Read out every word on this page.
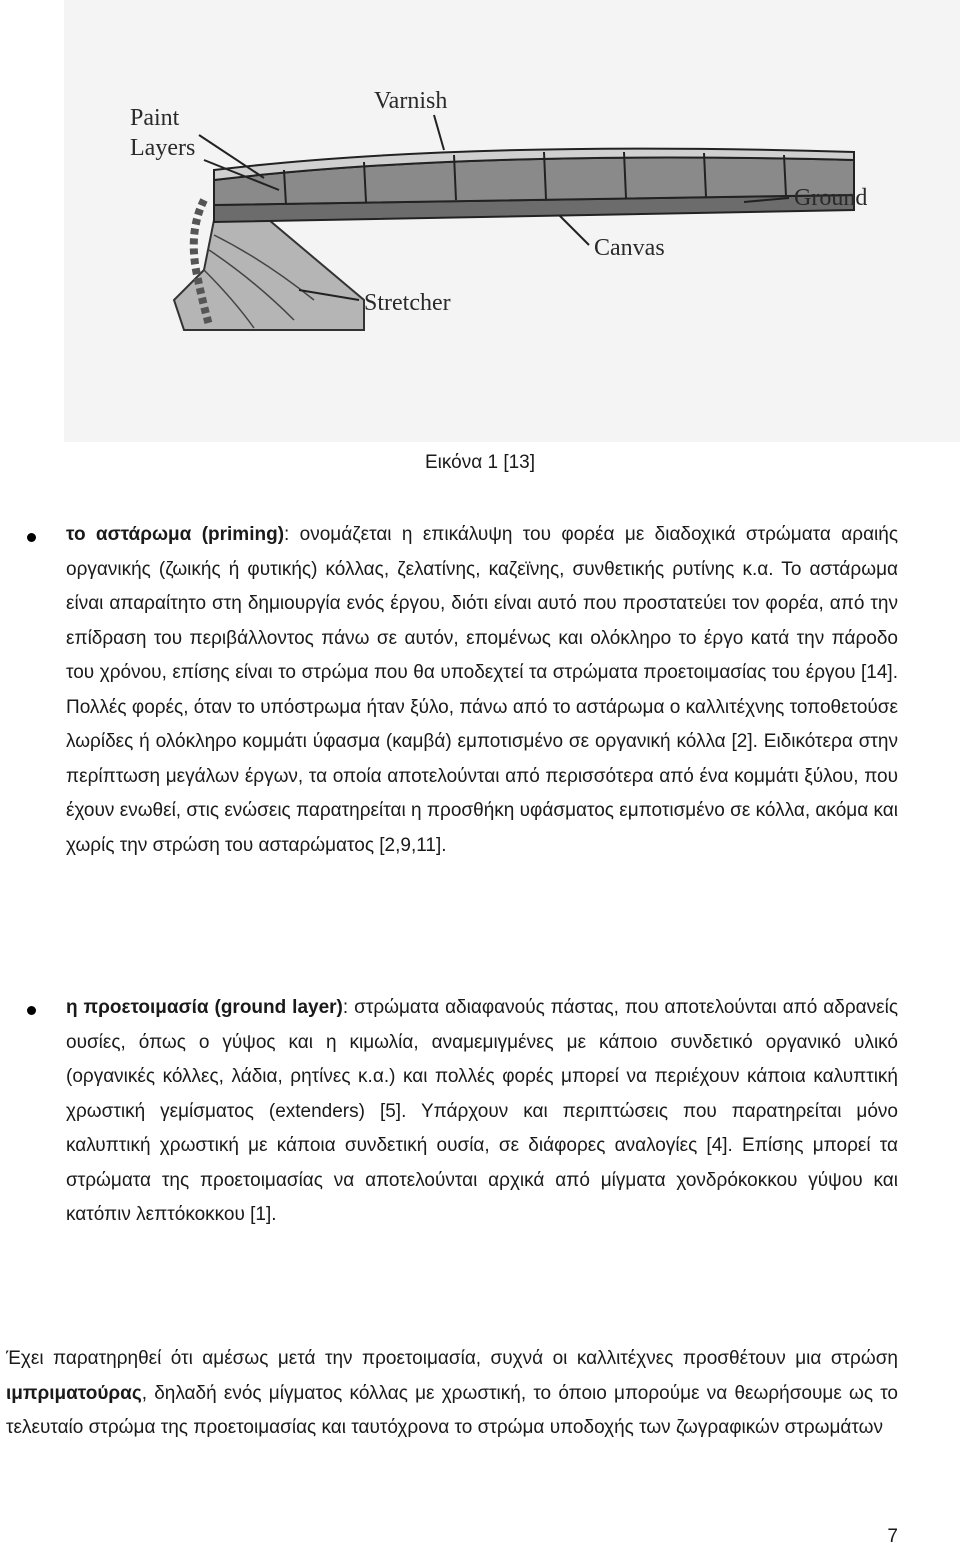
Paint
Layers
Varnish
Ground
Canvas
Stretcher
Εικόνα 1 [13]
το αστάρωμα (priming): ονομάζεται η επικάλυψη του φορέα με διαδοχικά στρώματα αραιής οργανικής (ζωικής ή φυτικής) κόλλας, ζελατίνης, καζεϊνης, συνθετικής ρυτίνης κ.α. Το αστάρωμα είναι απαραίτητο στη δημιουργία ενός έργου, διότι είναι αυτό που προστατεύει τον φορέα, από την επίδραση του περιβάλλοντος πάνω σε αυτόν, επομένως και ολόκληρο το έργο κατά την πάροδο του χρόνου, επίσης είναι το στρώμα που θα υποδεχτεί τα στρώματα προετοιμασίας του έργου [14]. Πολλές φορές, όταν το υπόστρωμα ήταν ξύλο, πάνω από το αστάρωμα ο καλλιτέχνης τοποθετούσε λωρίδες ή ολόκληρο κομμάτι ύφασμα (καμβά) εμποτισμένο σε οργανική κόλλα [2]. Ειδικότερα στην περίπτωση μεγάλων έργων, τα οποία αποτελούνται από περισσότερα από ένα κομμάτι ξύλου, που έχουν ενωθεί, στις ενώσεις παρατηρείται η προσθήκη υφάσματος εμποτισμένο σε κόλλα, ακόμα και χωρίς την στρώση του ασταρώματος [2,9,11].
η προετοιμασία (ground layer): στρώματα αδιαφανούς πάστας, που αποτελούνται από αδρανείς ουσίες, όπως ο γύψος και η κιμωλία, αναμεμιγμένες με κάποιο συνδετικό οργανικό υλικό (οργανικές κόλλες, λάδια, ρητίνες κ.α.) και πολλές φορές μπορεί να περιέχουν κάποια καλυπτική χρωστική γεμίσματος (extenders) [5]. Υπάρχουν και περιπτώσεις που παρατηρείται μόνο καλυπτική χρωστική με κάποια συνδετική ουσία, σε διάφορες αναλογίες [4]. Επίσης μπορεί τα στρώματα της προετοιμασίας να αποτελούνται αρχικά από μίγματα χονδρόκοκκου γύψου και κατόπιν λεπτόκοκκου [1].
Έχει παρατηρηθεί ότι αμέσως μετά την προετοιμασία, συχνά οι καλλιτέχνες προσθέτουν μια στρώση ιμπριματούρας, δηλαδή ενός μίγματος κόλλας με χρωστική, το όποιο μπορούμε να θεωρήσουμε ως το τελευταίο στρώμα της προετοιμασίας και ταυτόχρονα το στρώμα υποδοχής των ζωγραφικών στρωμάτων
7
